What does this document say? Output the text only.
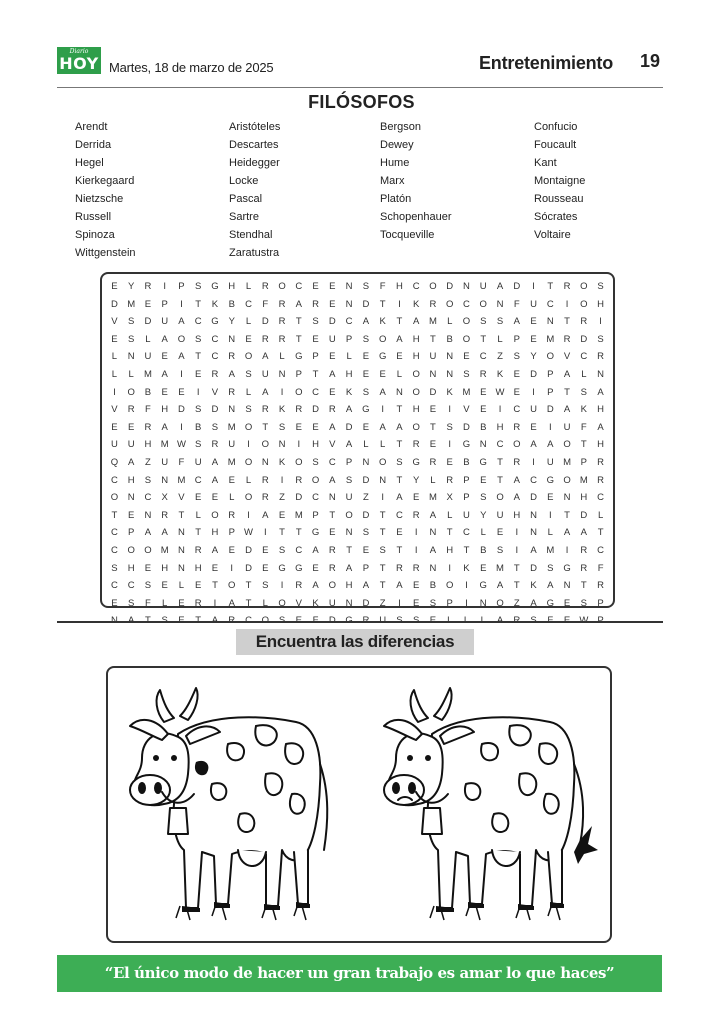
Diario
HOY Martes, 18 de marzo de 2025	Entretenimiento 19
FILÓSOFOS
Arendt
Derrida
Hegel
Kierkegaard
Nietzsche
Russell
Spinoza
Wittgenstein
Aristóteles
Descartes
Heidegger
Locke
Pascal
Sartre
Stendhal
Zaratustra
Bergson
Dewey
Hume
Marx
Platón
Schopenhauer
Tocqueville
Confucio
Foucault
Kant
Montaigne
Rousseau
Sócrates
Voltaire
E	Y	R	I	P	S	G	H	L	R	O	C	E	E	N	S	F	H	C	O	D	N	U	A	D	I	T	R	O	S
D M	E	P	I	T	K	B	C	F	R	A	R	E	N	D	T	I	K	R	O	C	O	N	F	U	C	I	O	H
V	S	D	U	A	C	G	Y	L	D	R	T	S	D	C	A	K	T	A	M	L	O	S	S	A	E	N	T	R	I
E	S	L	A	O	S	C	N	E	R	R	T	E	U	P	S	O	A	H	T	B	O	T	L	P	E	M R	D	S
L	N	U	E	A	T	C	R	O	A	L	G	P	E	L	E	G	E	H	U	N	E	C	Z	S	Y	O	V	C	R
L	L	M	A	I	E	R	A	S	U	N	P	T	A	H	E	E	L	O	N	N	S	R	K	E	D	P	A	L	N
I	O	B	E	E	I	V	R	L	A	I	O	C	E	K	S	A	N	O	D	K	M	E W E	I	P	T	S	A
V	R	F	H	D	S	D	N	S	R	K	R	D	R	A	G	I	T	H	E	I	V	E	I	C	U	D	A	K	H
E	E	R	A	I	B	S	M O	T	S	E	E	A	D	E	A	A	O	T	S	D	B	H	R	E	I	U	F	A
U	U	H M W S	R	U	I	O	N	I	H	V	A	L	L	T	R	E	I	G	N	C	O	A	A	O	T	H
Q	A	Z	U	F	U	A	M O	N	K	O	S	C	P	N	O	S	G	R	E	B	G	T	R	I	U M	P	R
C	H	S	N M C	A	E	L	R	I	R	O	A	S	D	N	T	Y	L	R	P	E	T	A	C	G O M R
O	N	C	X	V	E	E	L	O	R	Z	D	C	N	U	Z	I	A	E	M	X	P	S	O	A	D	E	N	H	C
T	E	N	R	T	L	O	R	I	A	E	M	P	T	O	D	T	C	R	A	L	U	Y	U	H	N	I	T	D	L
C	P	A	A	N	T	H	P W	I	T	T	G	E	N	S	T	E	I	N	T	C	L	E	I	N	L	A	A	T
C	O O M N	R	A	E	D	E	S	C	A	R	T	E	S	T	I	A	H	T	B	S	I	A	M	I	R	C
S	H	E	H	N	H	E	I	D	E	G G	E	R	A	P	T	R	R	N	I	K	E	M	T	D	S	G	R	F
C	C	S	E	L	E	T	O	T	S	I	R	A	O	H	A	T	A	E	B	O	I	G	A	T	K	A	N	T	R
E	S	F	L	E	R	I	A	T	L	O	V	K	U	N	D	Z	I	E	S	P	I	N	O	Z	A	G	E	S	P
Encuentra las diferencias
“El único modo de hacer un gran trabajo es amar lo que haces”
